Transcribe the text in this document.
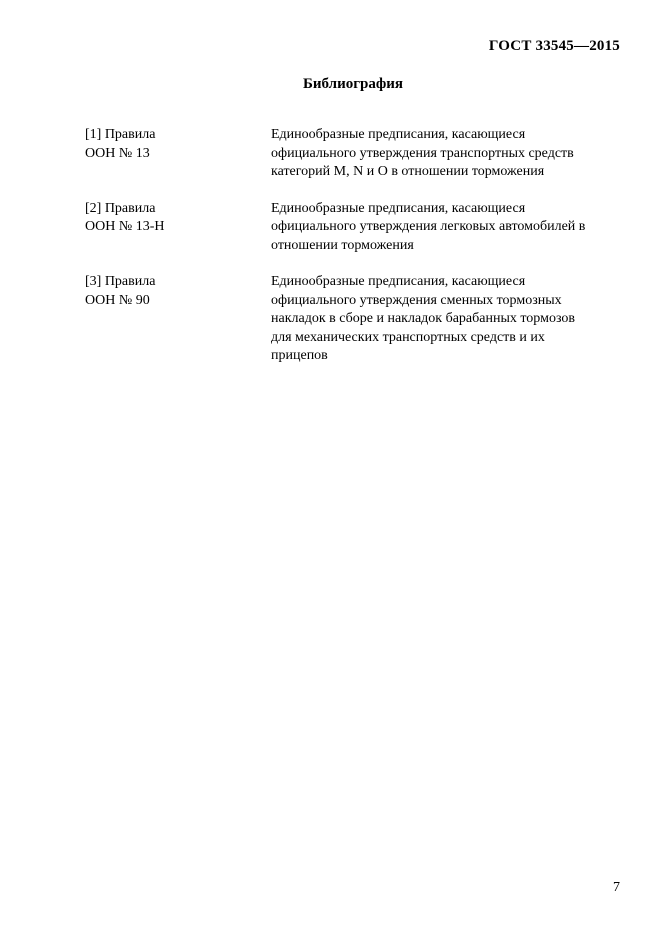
ГОСТ 33545—2015
Библиография
[1] Правила
ООН № 13
Единообразные предписания, касающиеся
официального утверждения транспортных средств
категорий M, N и O в отношении торможения
[2] Правила
ООН № 13-H
Единообразные предписания, касающиеся
официального утверждения легковых автомобилей в
отношении торможения
[3] Правила
ООН № 90
Единообразные предписания, касающиеся
официального утверждения сменных тормозных
накладок в сборе и накладок барабанных тормозов
для механических транспортных средств и их
прицепов
7
